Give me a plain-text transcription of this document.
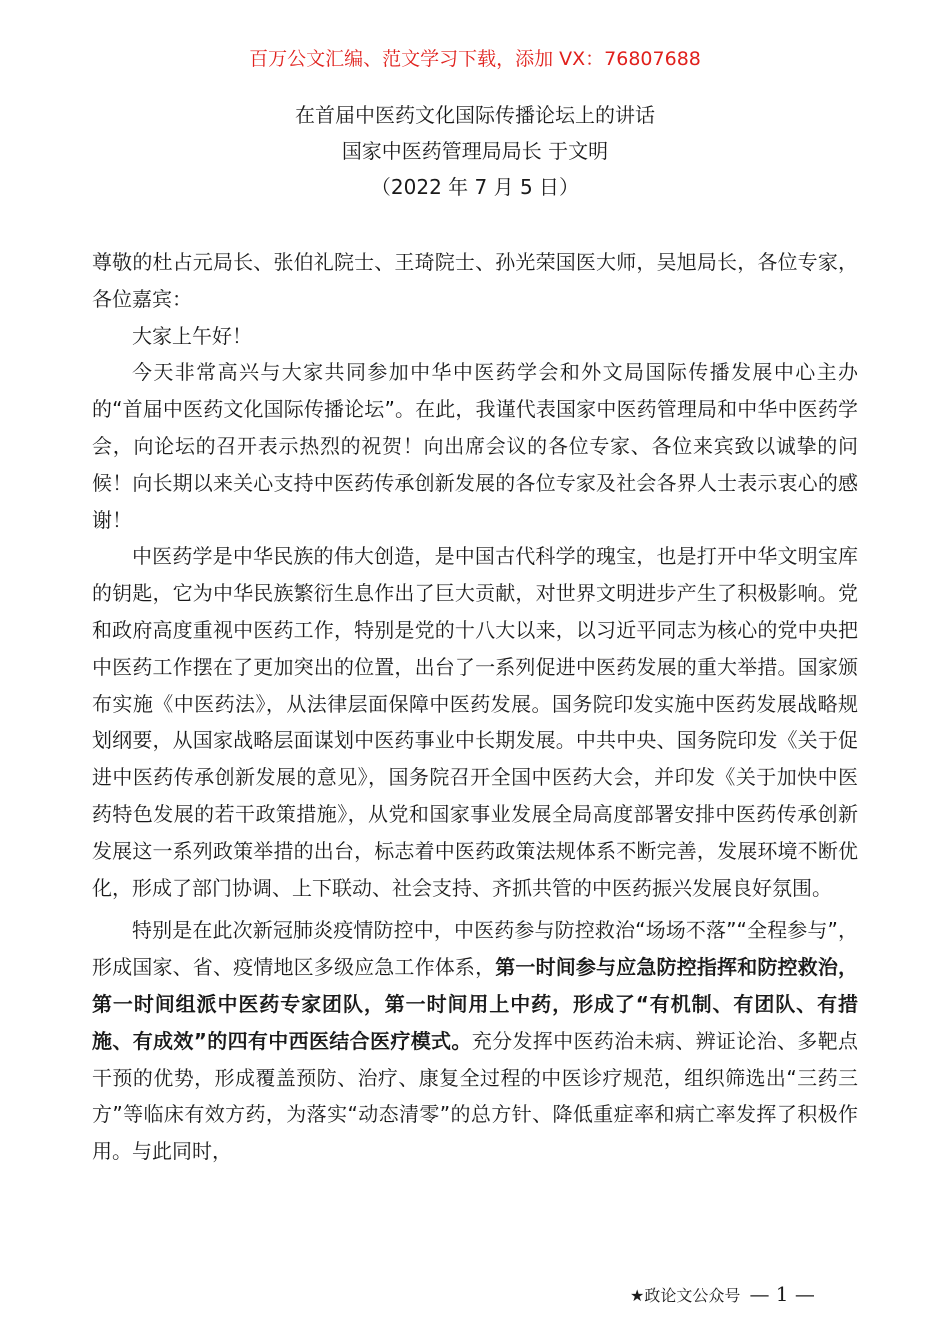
百万公文汇编、范文学习下载，添加 VX：76807688
在首届中医药文化国际传播论坛上的讲话
国家中医药管理局局长 于文明
（2022 年 7 月 5 日）

尊敬的杜占元局长、张伯礼院士、王琦院士、孙光荣国医大师，吴旭局长，各位专家，各位嘉宾：

大家上午好！

今天非常高兴与大家共同参加中华中医药学会和外文局国际传播发展中心主办的“首届中医药文化国际传播论坛”。在此，我谨代表国家中医药管理局和中华中医药学会，向论坛的召开表示热烈的祝贺！向出席会议的各位专家、各位来宾致以诚挚的问候！向长期以来关心支持中医药传承创新发展的各位专家及社会各界人士表示衷心的感谢！

中医药学是中华民族的伟大创造，是中国古代科学的瑰宝，也是打开中华文明宝库的钥匙，它为中华民族繁衍生息作出了巨大贡献，对世界文明进步产生了积极影响。党和政府高度重视中医药工作，特别是党的十八大以来，以习近平同志为核心的党中央把中医药工作摆在了更加突出的位置，出台了一系列促进中医药发展的重大举措。国家颁布实施《中医药法》，从法律层面保障中医药发展。国务院印发实施中医药发展战略规划纲要，从国家战略层面谋划中医药事业中长期发展。中共中央、国务院印发《关于促进中医药传承创新发展的意见》，国务院召开全国中医药大会，并印发《关于加快中医药特色发展的若干政策措施》，从党和国家事业发展全局高度部署安排中医药传承创新发展这一系列政策举措的出台，标志着中医药政策法规体系不断完善，发展环境不断优化，形成了部门协调、上下联动、社会支持、齐抓共管的中医药振兴发展良好氛围。

特别是在此次新冠肺炎疫情防控中，中医药参与防控救治“场场不落”“全程参与”，形成国家、省、疫情地区多级应急工作体系，第一时间参与应急防控指挥和防控救治，第一时间组派中医药专家团队，第一时间用上中药，形成了“有机制、有团队、有措施、有成效”的四有中西医结合医疗模式。充分发挥中医药治未病、辨证论治、多靶点干预的优势，形成覆盖预防、治疗、康复全过程的中医诊疗规范，组织筛选出“三药三方”等临床有效方药，为落实“动态清零”的总方针、降低重症率和病亡率发挥了积极作用。与此同时，

★政论文公众号 — 1 —
